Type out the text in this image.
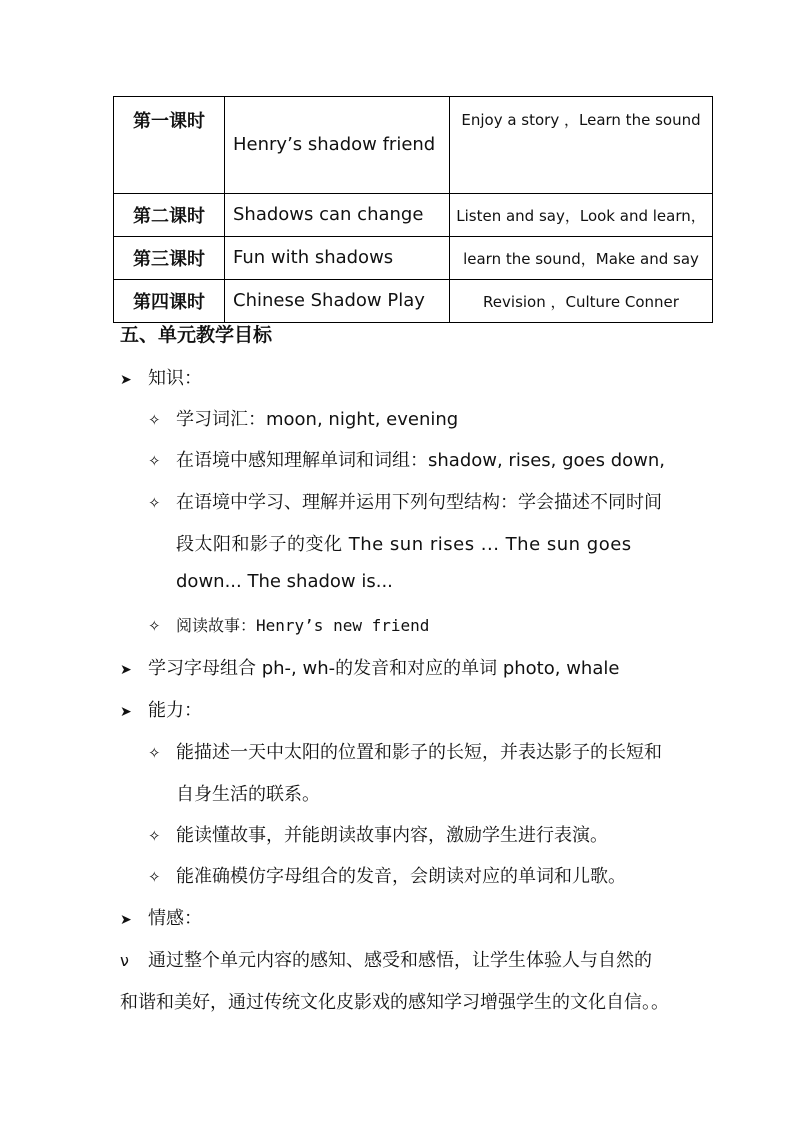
第一课时	Henry’s shadow friend	Enjoy a story ，Learn the sound
第二课时	Shadows can change	Listen and say，Look and learn，
第三课时	Fun with shadows	learn the sound，Make and say
第四课时	Chinese Shadow Play	Revision ，Culture Conner
五、单元教学目标
➤ 知识：
✧ 学习词汇：moon, night, evening
✧ 在语境中感知理解单词和词组：shadow, rises, goes down,
✧ 在语境中学习、理解并运用下列句型结构：学会描述不同时间
段太阳和影子的变化 The sun rises ... The sun goes
down... The shadow is...
✧ 阅读故事：Henry’s new friend
➤ 学习字母组合 ph-, wh-的发音和对应的单词 photo, whale
➤ 能力：
✧ 能描述一天中太阳的位置和影子的长短，并表达影子的长短和
自身生活的联系。
✧ 能读懂故事，并能朗读故事内容，激励学生进行表演。
✧ 能准确模仿字母组合的发音，会朗读对应的单词和儿歌。
➤ 情感：
ν 通过整个单元内容的感知、感受和感悟，让学生体验人与自然的
和谐和美好，通过传统文化皮影戏的感知学习增强学生的文化自信。。
